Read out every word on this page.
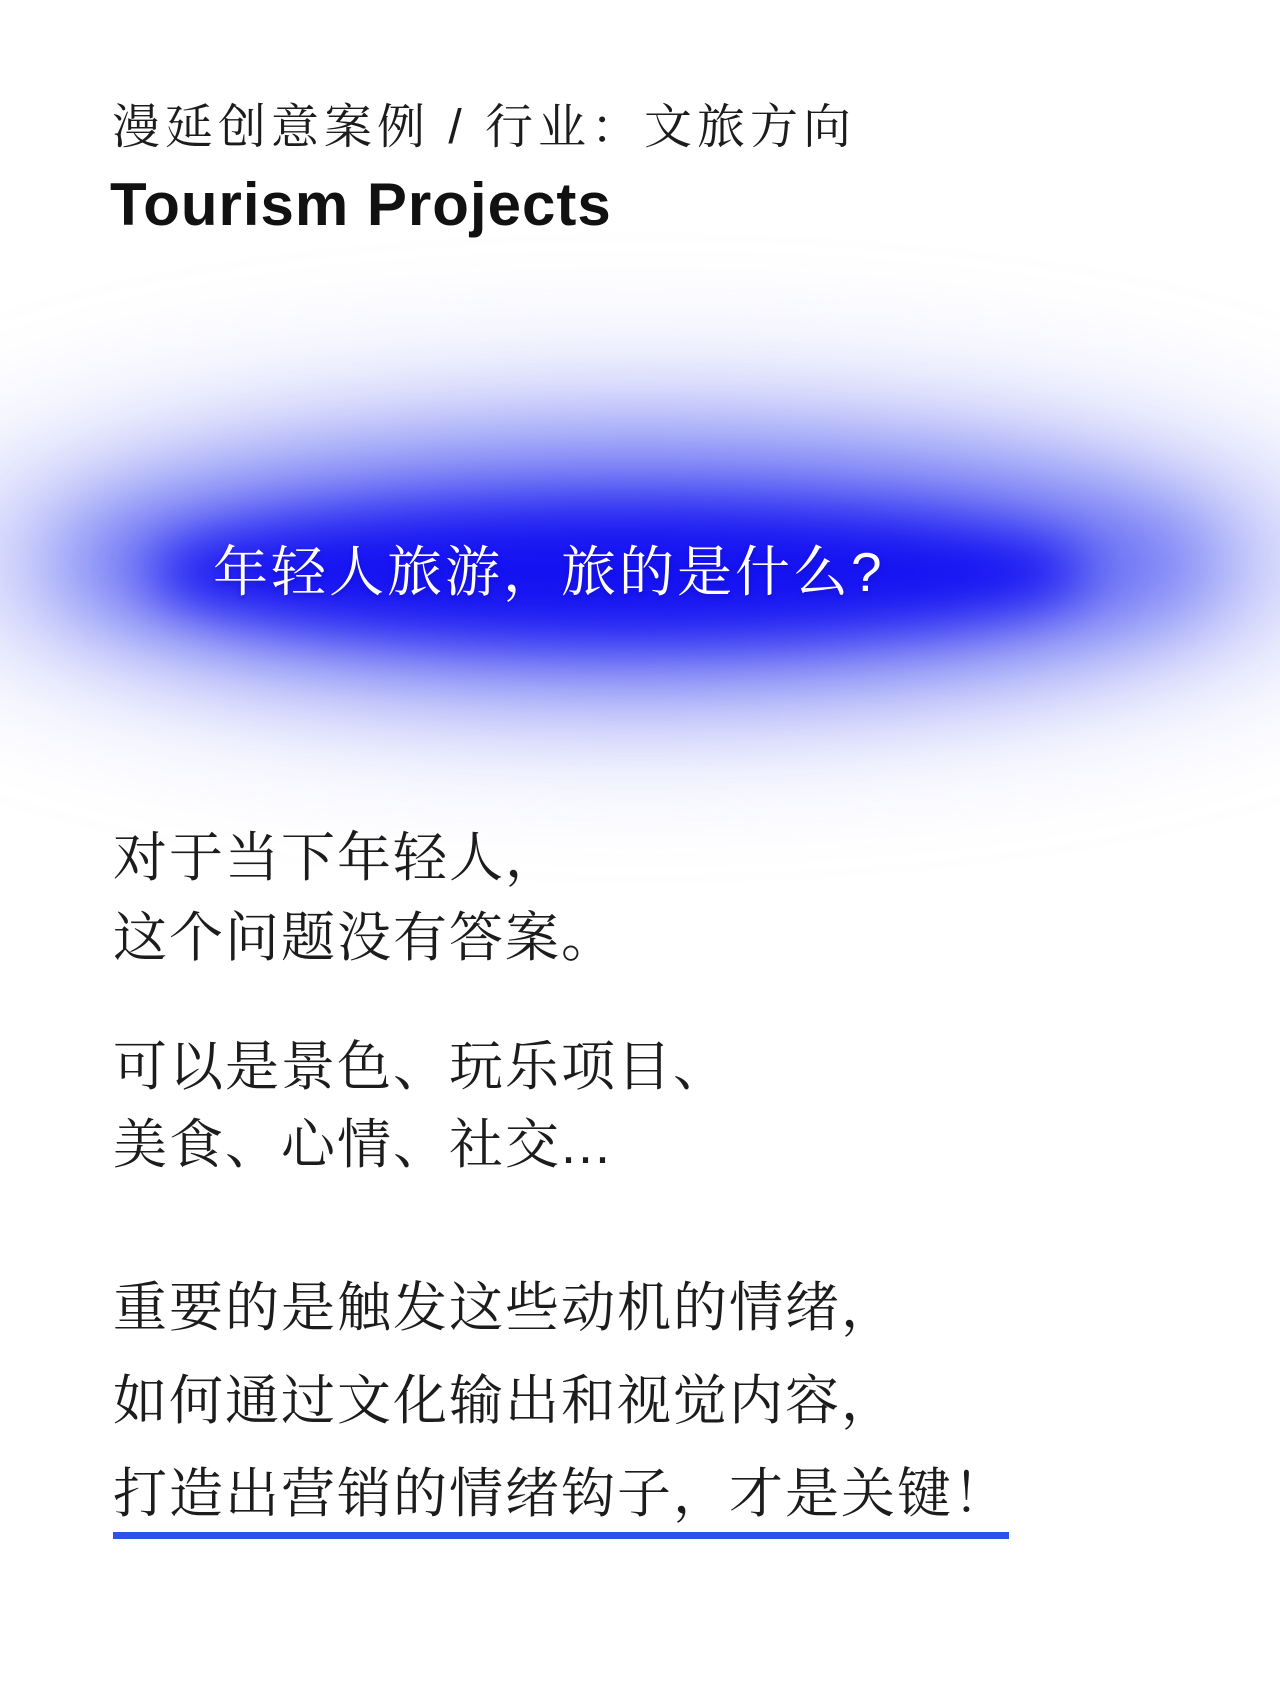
漫延创意案例 / 行业：文旅方向
Tourism Projects
年轻人旅游，旅的是什么?
对于当下年轻人，
这个问题没有答案。
可以是景色、玩乐项目、
美食、心情、社交...
重要的是触发这些动机的情绪，
如何通过文化输出和视觉内容，
打造出营销的情绪钩子，才是关键！
